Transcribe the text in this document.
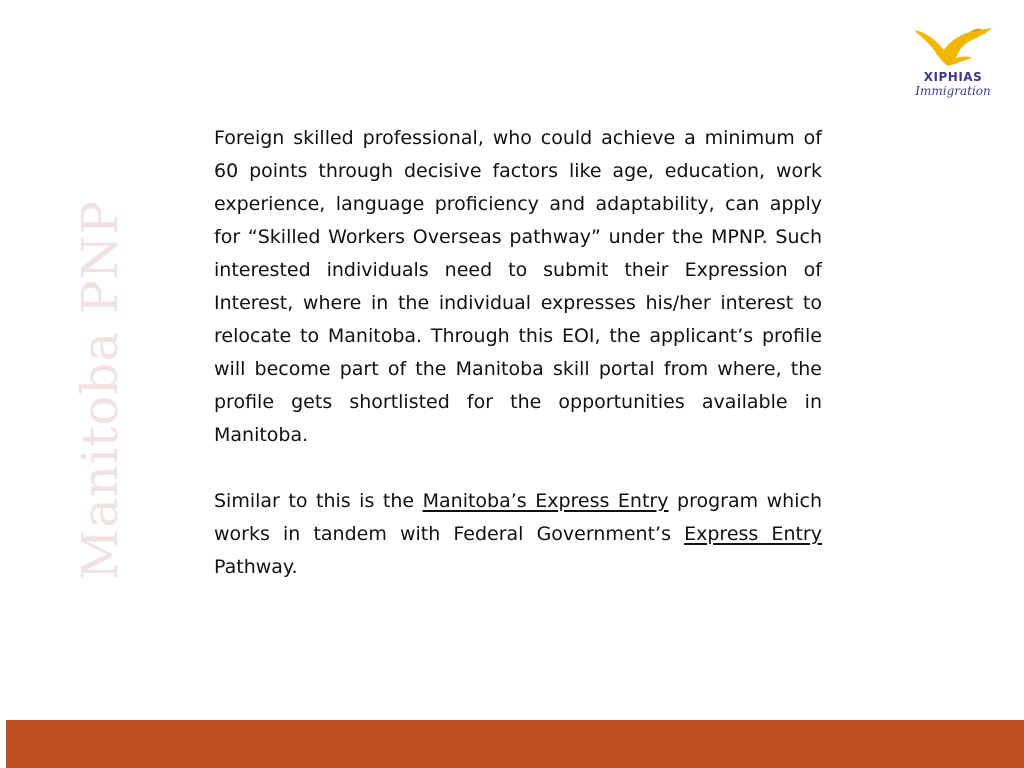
Manitoba PNP
XIPHIAS
Immigration

Foreign skilled professional, who could achieve a minimum of 60 points through decisive factors like age, education, work experience, language proficiency and adaptability, can apply for “Skilled Workers Overseas pathway” under the MPNP. Such interested individuals need to submit their Expression of Interest, where in the individual expresses his/her interest to relocate to Manitoba. Through this EOI, the applicant’s profile will become part of the Manitoba skill portal from where, the profile gets shortlisted for the opportunities available in Manitoba.

Similar to this is the Manitoba’s Express Entry program which works in tandem with Federal Government’s Express Entry Pathway.
